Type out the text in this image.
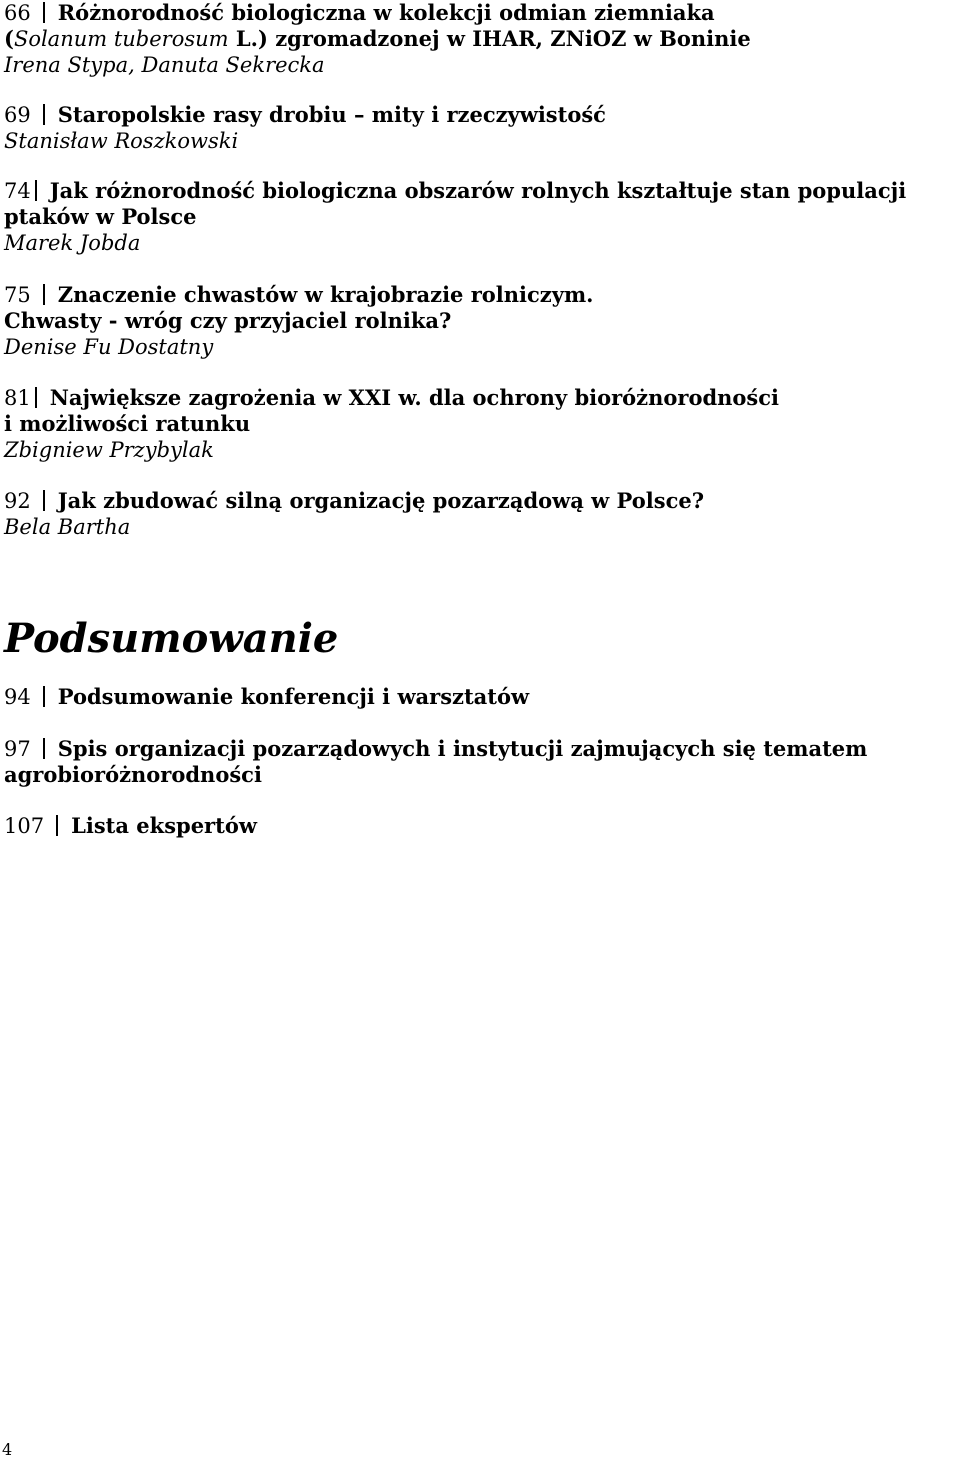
66 Różnorodność biologiczna w kolekcji odmian ziemniaka
(Solanum tuberosum L.) zgromadzonej w IHAR, ZNiOZ w Boninie
Irena Stypa, Danuta Sekrecka
69 Staropolskie rasy drobiu – mity i rzeczywistość
Stanisław Roszkowski
74 Jak różnorodność biologiczna obszarów rolnych kształtuje stan populacji
ptaków w Polsce
Marek Jobda
75 Znaczenie chwastów w krajobrazie rolniczym.
Chwasty - wróg czy przyjaciel rolnika?
Denise Fu Dostatny
81 Największe zagrożenia w XXI w. dla ochrony bioróżnorodności
i możliwości ratunku
Zbigniew Przybylak
92 Jak zbudować silną organizację pozarządową w Polsce?
Bela Bartha
Podsumowanie
94 Podsumowanie konferencji i warsztatów
97 Spis organizacji pozarządowych i instytucji zajmujących się tematem
agrobioróżnorodności
107 Lista ekspertów
4
